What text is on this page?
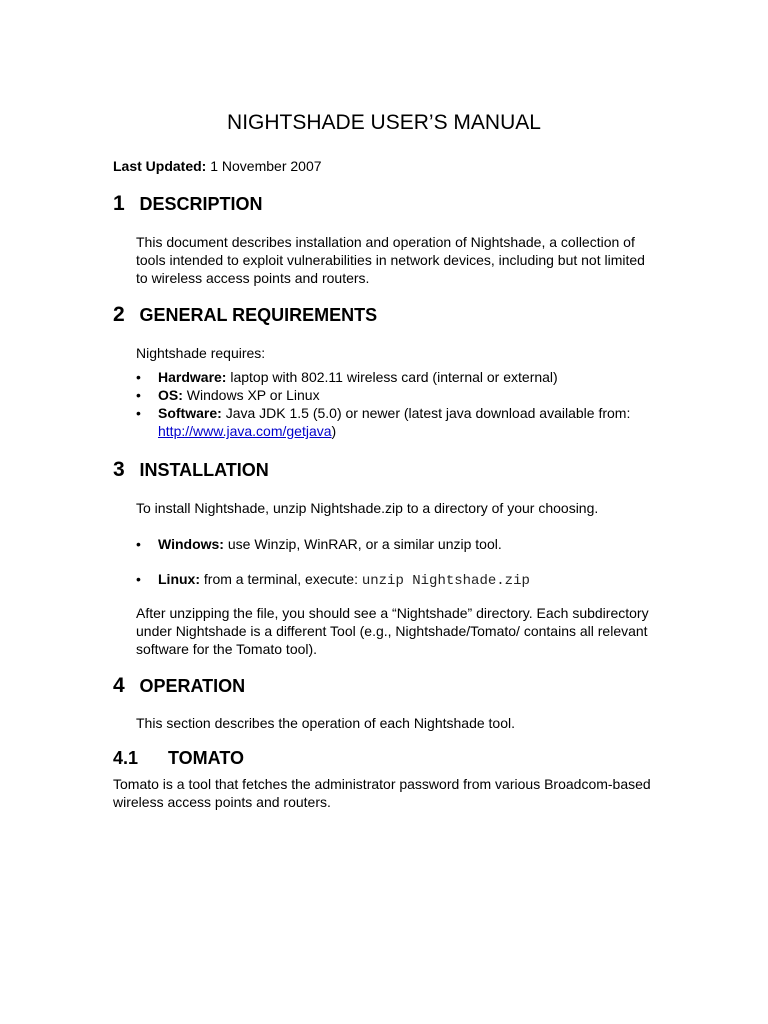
NIGHTSHADE USER’S MANUAL
Last Updated: 1 November 2007
1 DESCRIPTION
This document describes installation and operation of Nightshade, a collection of tools intended to exploit vulnerabilities in network devices, including but not limited to wireless access points and routers.
2 GENERAL REQUIREMENTS
Nightshade requires:
• Hardware: laptop with 802.11 wireless card (internal or external)
• OS: Windows XP or Linux
• Software: Java JDK 1.5 (5.0) or newer (latest java download available from: http://www.java.com/getjava)
3 INSTALLATION
To install Nightshade, unzip Nightshade.zip to a directory of your choosing.
• Windows: use Winzip, WinRAR, or a similar unzip tool.
• Linux: from a terminal, execute: unzip Nightshade.zip
After unzipping the file, you should see a “Nightshade” directory. Each subdirectory under Nightshade is a different Tool (e.g., Nightshade/Tomato/ contains all relevant software for the Tomato tool).
4 OPERATION
This section describes the operation of each Nightshade tool.
4.1 TOMATO
Tomato is a tool that fetches the administrator password from various Broadcom-based wireless access points and routers.
